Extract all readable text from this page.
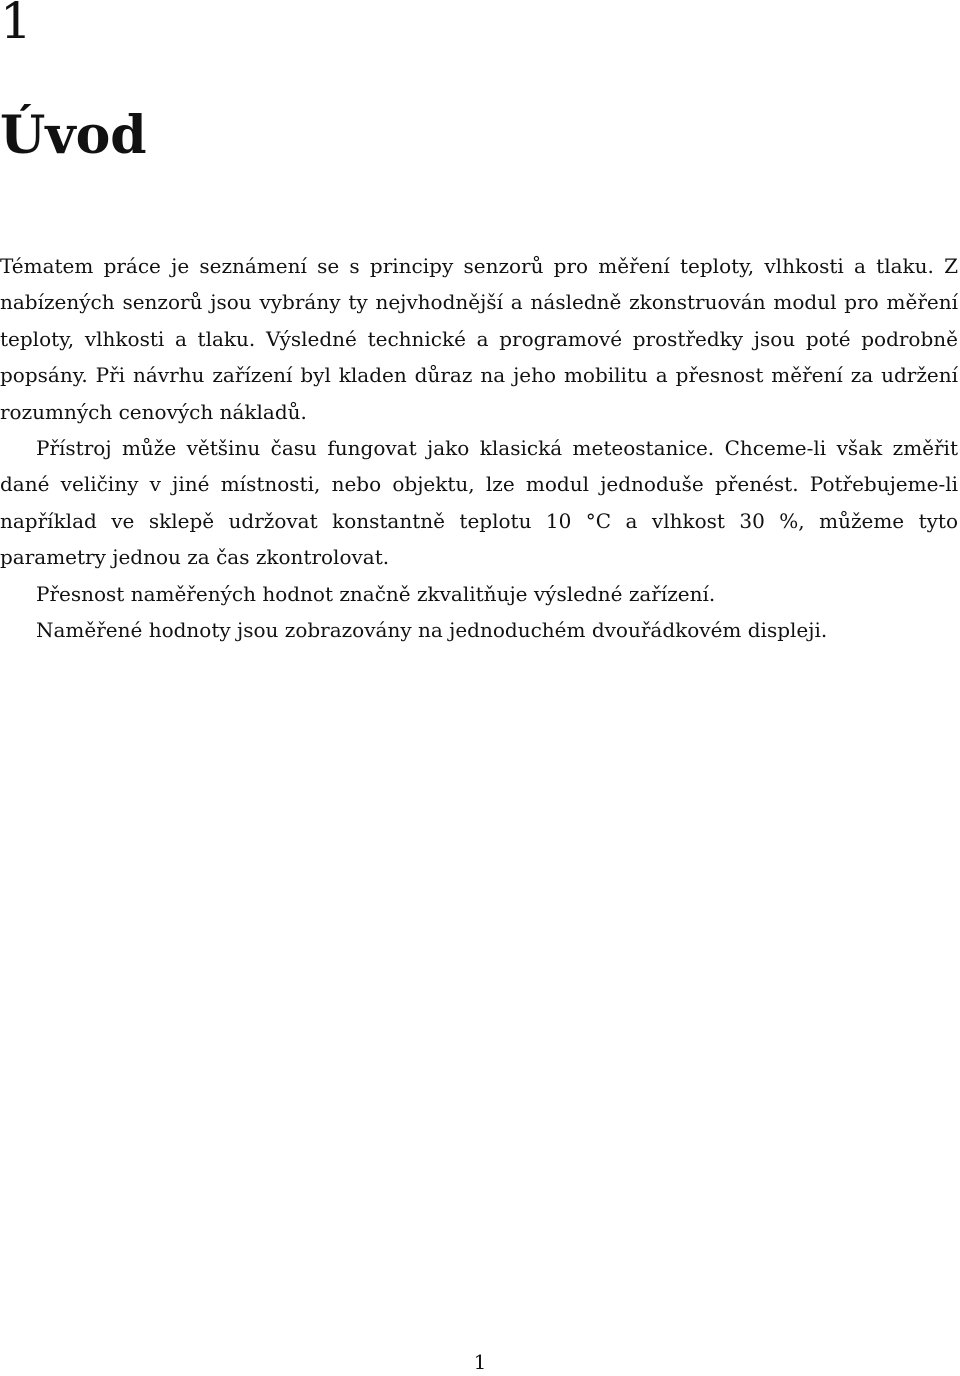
1
Úvod

Tématem práce je seznámení se s principy senzorů pro měření teploty, vlhkosti a tlaku. Z nabízených senzorů jsou vybrány ty nejvhodnější a následně zkonstruován modul pro měření teploty, vlhkosti a tlaku. Výsledné technické a programové prostředky jsou poté podrobně popsány. Při návrhu zařízení byl kladen důraz na jeho mobilitu a přesnost měření za udržení rozumných cenových nákladů.

Přístroj může většinu času fungovat jako klasická meteostanice. Chceme-li však změřit dané veličiny v jiné místnosti, nebo objektu, lze modul jednoduše přenést. Potřebujeme-li například ve sklepě udržovat konstantně teplotu 10 °C a vlhkost 30 %, můžeme tyto parametry jednou za čas zkontrolovat.

Přesnost naměřených hodnot značně zkvalitňuje výsledné zařízení.

Naměřené hodnoty jsou zobrazovány na jednoduchém dvouřádkovém displeji.

1
